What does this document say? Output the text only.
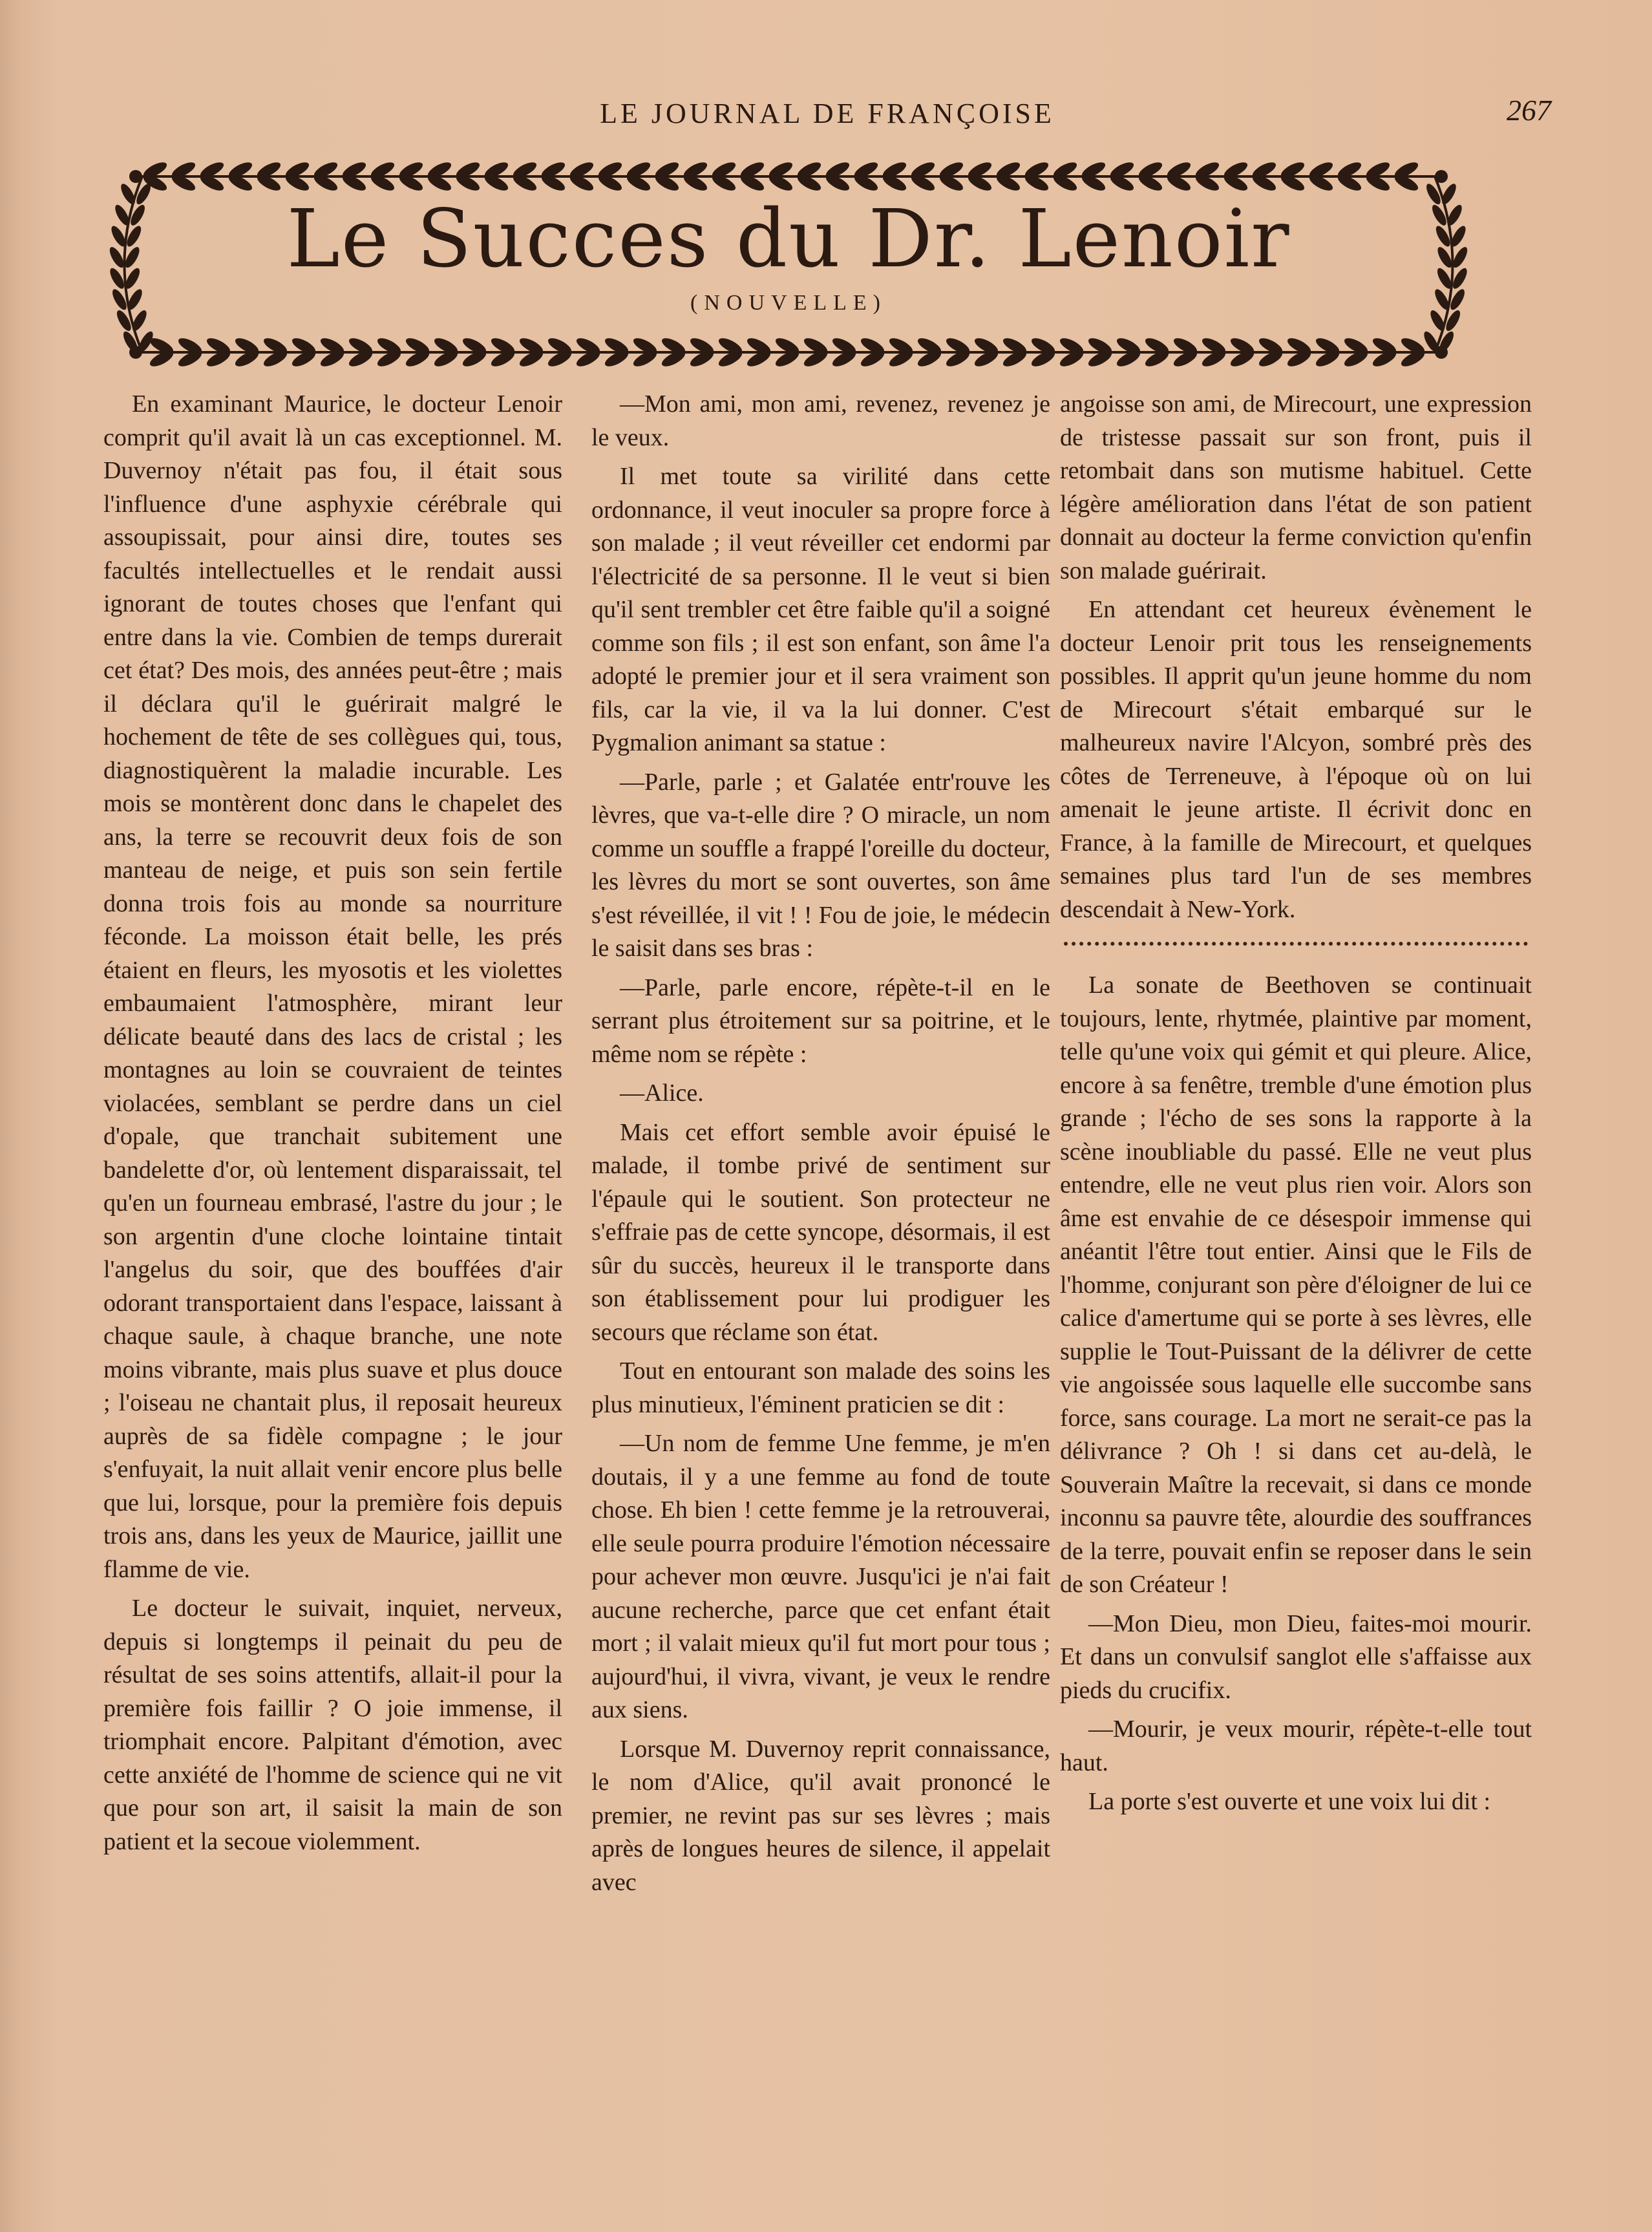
LE JOURNAL DE FRANÇOISE	267
Le Succes du Dr. Lenoir
(NOUVELLE)

En examinant Maurice, le docteur Lenoir comprit qu'il avait là un cas exceptionnel. M. Duvernoy n'était pas fou, il était sous l'influence d'une asphyxie cérébrale qui assoupissait, pour ainsi dire, toutes ses facultés intellectuelles et le rendait aussi ignorant de toutes choses que l'enfant qui entre dans la vie. Combien de temps durerait cet état? Des mois, des années peut-être ; mais il déclara qu'il le guérirait malgré le hochement de tête de ses collègues qui, tous, diagnostiquèrent la maladie incurable. Les mois se montèrent donc dans le chapelet des ans, la terre se recouvrit deux fois de son manteau de neige, et puis son sein fertile donna trois fois au monde sa nourriture féconde. La moisson était belle, les prés étaient en fleurs, les myosotis et les violettes embaumaient l'atmosphère, mirant leur délicate beauté dans des lacs de cristal ; les montagnes au loin se couvraient de teintes violacées, semblant se perdre dans un ciel d'opale, que tranchait subitement une bandelette d'or, où lentement disparaissait, tel qu'en un fourneau embrasé, l'astre du jour ; le son argentin d'une cloche lointaine tintait l'angelus du soir, que des bouffées d'air odorant transportaient dans l'espace, laissant à chaque saule, à chaque branche, une note moins vibrante, mais plus suave et plus douce ; l'oiseau ne chantait plus, il reposait heureux auprès de sa fidèle compagne ; le jour s'enfuyait, la nuit allait venir encore plus belle que lui, lorsque, pour la première fois depuis trois ans, dans les yeux de Maurice, jaillit une flamme de vie.

Le docteur le suivait, inquiet, nerveux, depuis si longtemps il peinait du peu de résultat de ses soins attentifs, allait-il pour la première fois faillir ? O joie immense, il triomphait encore. Palpitant d'émotion, avec cette anxiété de l'homme de science qui ne vit que pour son art, il saisit la main de son patient et la secoue violemment.

—Mon ami, mon ami, revenez, revenez je le veux.

Il met toute sa virilité dans cette ordonnance, il veut inoculer sa propre force à son malade ; il veut réveiller cet endormi par l'électricité de sa personne. Il le veut si bien qu'il sent trembler cet être faible qu'il a soigné comme son fils ; il est son enfant, son âme l'a adopté le premier jour et il sera vraiment son fils, car la vie, il va la lui donner. C'est Pygmalion animant sa statue :

—Parle, parle ; et Galatée entr'rouve les lèvres, que va-t-elle dire ? O miracle, un nom comme un souffle a frappé l'oreille du docteur, les lèvres du mort se sont ouvertes, son âme s'est réveillée, il vit ! ! Fou de joie, le médecin le saisit dans ses bras :

—Parle, parle encore, répète-t-il en le serrant plus étroitement sur sa poitrine, et le même nom se répète :

—Alice.

Mais cet effort semble avoir épuisé le malade, il tombe privé de sentiment sur l'épaule qui le soutient. Son protecteur ne s'effraie pas de cette syncope, désormais, il est sûr du succès, heureux il le transporte dans son établissement pour lui prodiguer les secours que réclame son état.

Tout en entourant son malade des soins les plus minutieux, l'éminent praticien se dit :

—Un nom de femme Une femme, je m'en doutais, il y a une femme au fond de toute chose. Eh bien ! cette femme je la retrouverai, elle seule pourra produire l'émotion nécessaire pour achever mon œuvre. Jusqu'ici je n'ai fait aucune recherche, parce que cet enfant était mort ; il valait mieux qu'il fut mort pour tous ; aujourd'hui, il vivra, vivant, je veux le rendre aux siens.

Lorsque M. Duvernoy reprit connaissance, le nom d'Alice, qu'il avait prononcé le premier, ne revint pas sur ses lèvres ; mais après de longues heures de silence, il appelait avec

angoisse son ami, de Mirecourt, une expression de tristesse passait sur son front, puis il retombait dans son mutisme habituel. Cette légère amélioration dans l'état de son patient donnait au docteur la ferme conviction qu'enfin son malade guérirait.

En attendant cet heureux évènement le docteur Lenoir prit tous les renseignements possibles. Il apprit qu'un jeune homme du nom de Mirecourt s'était embarqué sur le malheureux navire l'Alcyon, sombré près des côtes de Terreneuve, à l'époque où on lui amenait le jeune artiste. Il écrivit donc en France, à la famille de Mirecourt, et quelques semaines plus tard l'un de ses membres descendait à New-York.

La sonate de Beethoven se continuait toujours, lente, rhytmée, plaintive par moment, telle qu'une voix qui gémit et qui pleure. Alice, encore à sa fenêtre, tremble d'une émotion plus grande ; l'écho de ses sons la rapporte à la scène inoubliable du passé. Elle ne veut plus entendre, elle ne veut plus rien voir. Alors son âme est envahie de ce désespoir immense qui anéantit l'être tout entier. Ainsi que le Fils de l'homme, conjurant son père d'éloigner de lui ce calice d'amertume qui se porte à ses lèvres, elle supplie le Tout-Puissant de la délivrer de cette vie angoissée sous laquelle elle succombe sans force, sans courage. La mort ne serait-ce pas la délivrance ? Oh ! si dans cet au-delà, le Souverain Maître la recevait, si dans ce monde inconnu sa pauvre tête, alourdie des souffrances de la terre, pouvait enfin se reposer dans le sein de son Créateur !

—Mon Dieu, mon Dieu, faites-moi mourir. Et dans un convulsif sanglot elle s'affaisse aux pieds du crucifix.

—Mourir, je veux mourir, répète-t-elle tout haut.

La porte s'est ouverte et une voix lui dit :
